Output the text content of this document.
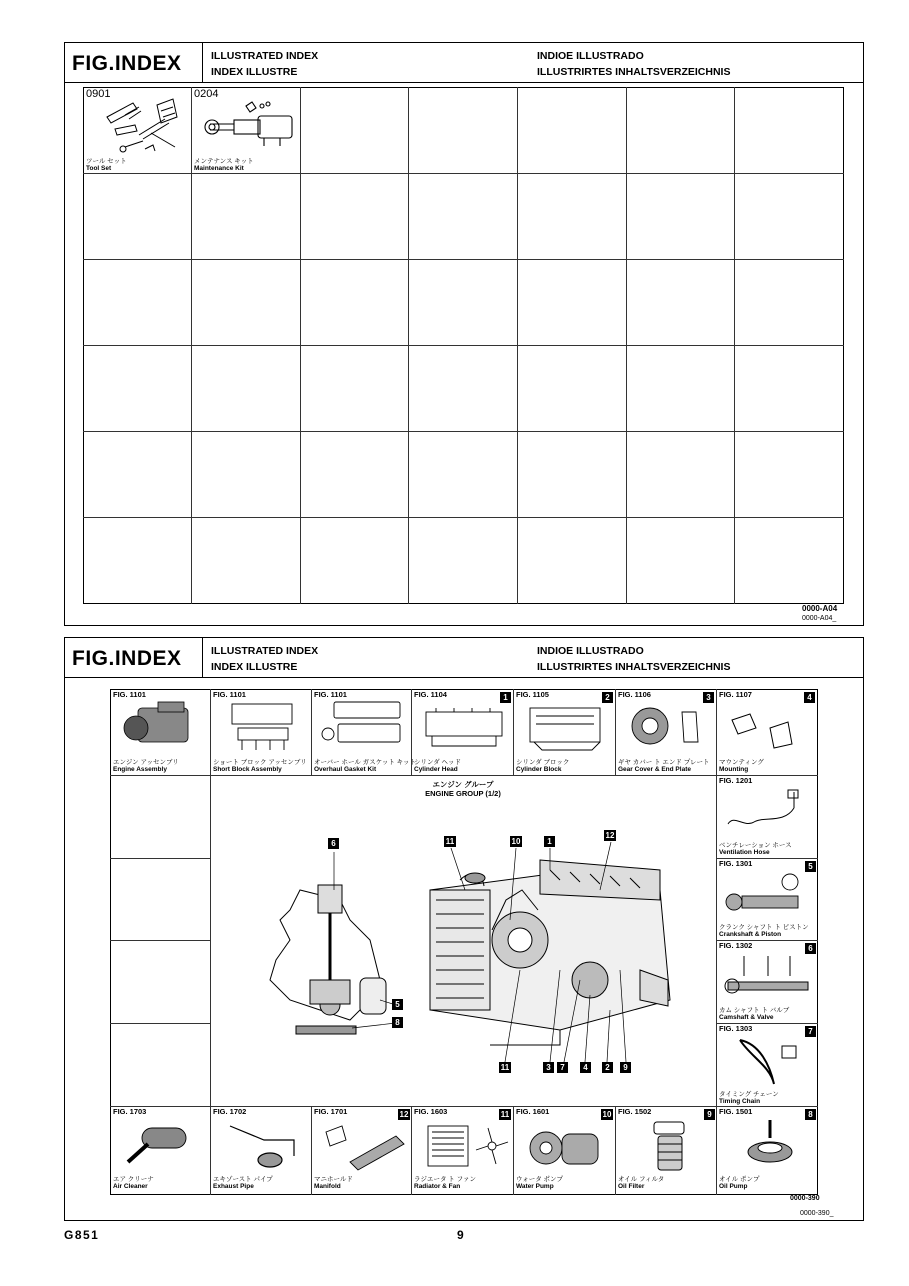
FIG.INDEX	ILLUSTRATED INDEX
INDEX ILLUSTRE
INDIOE ILLUSTRADO
ILLUSTRIRTES INHALTSVERZEICHNIS
0901
ツール セット
Tool Set
0204
メンテナンス キット
Maintenance Kit
0000-A04
0000-A04_
FIG.INDEX	ILLUSTRATED INDEX
INDEX ILLUSTRE
INDIOE ILLUSTRADO
ILLUSTRIRTES INHALTSVERZEICHNIS
FIG. 1101
エンジン アッセンブリ
Engine Assembly
FIG. 1101
ショート ブロック アッセンブリ
Short Block Assembly
FIG. 1101
オーバー ホール ガスケット キット
Overhaul Gasket Kit
FIG. 1104	1
シリンダ ヘッド
Cylinder Head
FIG. 1105	2
シリンダ ブロック
Cylinder Block
FIG. 1106	3
ギヤ カバー ト エンド プレート
Gear Cover & End Plate
FIG. 1107	4
マウンティング
Mounting
FIG. 1201
ベンチレーション ホース
Ventilation Hose
FIG. 1301	5
クランク シャフト ト ピストン
Crankshaft & Piston
FIG. 1302	6
カム シャフト ト バルブ
Camshaft & Valve
FIG. 1303	7
タイミング チェーン
Timing Chain
FIG. 1703
エア クリーナ
Air Cleaner
FIG. 1702
エキゾースト パイプ
Exhaust Pipe
FIG. 1701	12
マニホールド
Manifold
FIG. 1603	11
ラジエータ ト ファン
Radiator & Fan
FIG. 1601	10
ウォータ ポンプ
Water Pump
FIG. 1502	9
オイル フィルタ
Oil Filter
FIG. 1501	8
オイル ポンプ
Oil Pump
エンジン グループ
ENGINE GROUP (1/2)
6
5
8
11	10	1
12
11	3	7	4	2	9
0000-390
0000-390_
G851	9
